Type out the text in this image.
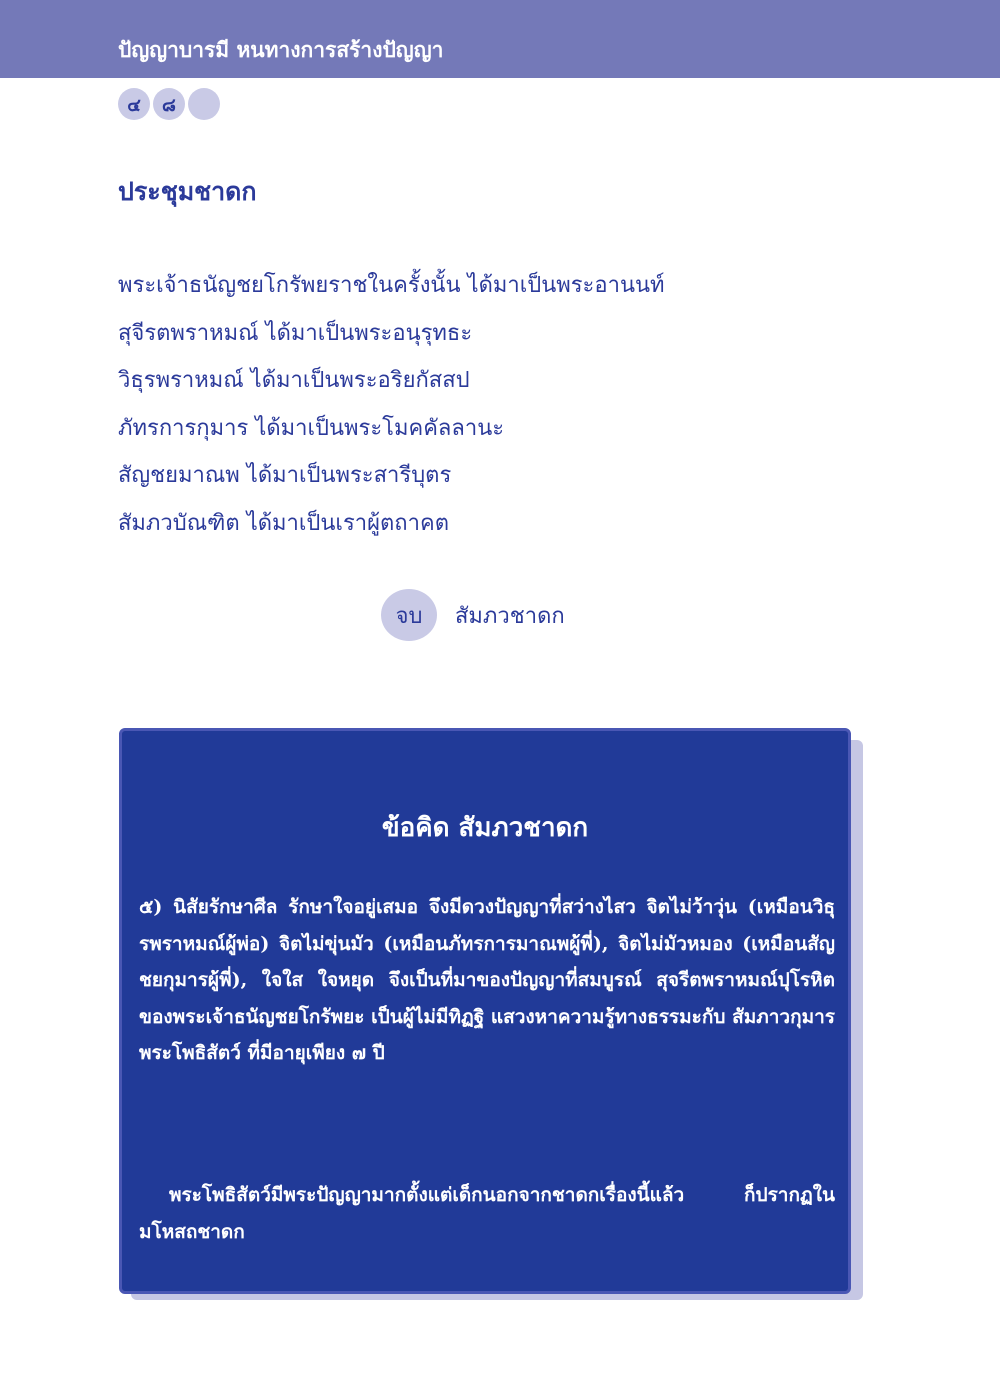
ปัญญาบารมี หนทางการสร้างปัญญา
๔	๘
ประชุมชาดก
พระเจ้าธนัญชยโกรัพยราชในครั้งนั้น ได้มาเป็นพระอานนท์
สุจีรตพราหมณ์ ได้มาเป็นพระอนุรุทธะ
วิธุรพราหมณ์ ได้มาเป็นพระอริยกัสสป
ภัทรการกุมาร ได้มาเป็นพระโมคคัลลานะ
สัญชยมาณพ ได้มาเป็นพระสารีบุตร
สัมภวบัณฑิต ได้มาเป็นเราผู้ตถาคต
จบ	สัมภวชาดก
ข้อคิด สัมภวชาดก

๕) นิสัยรักษาศีล รักษาใจอยู่เสมอ จึงมีดวงปัญญาที่สว่างไสว จิตไม่ว้าวุ่น (เหมือนวิธุรพราหมณ์ผู้พ่อ) จิตไม่ขุ่นมัว (เหมือนภัทรการมาณพผู้พี่), จิตไม่มัวหมอง (เหมือนสัญชยกุมารผู้พี่), ใจใส ใจหยุด จึงเป็นที่มาของปัญญาที่สมบูรณ์ สุจรีตพราหมณ์ปุโรหิตของพระเจ้าธนัญชยโกรัพยะ เป็นผู้ไม่มีทิฏฐิ แสวงหาความรู้ทางธรรมะกับ สัมภาวกุมารพระโพธิสัตว์ ที่มีอายุเพียง ๗ ปี

พระโพธิสัตว์มีพระปัญญามากตั้งแต่เด็กนอกจากชาดกเรื่องนี้แล้ว ก็ปรากฏในมโหสถชาดก
